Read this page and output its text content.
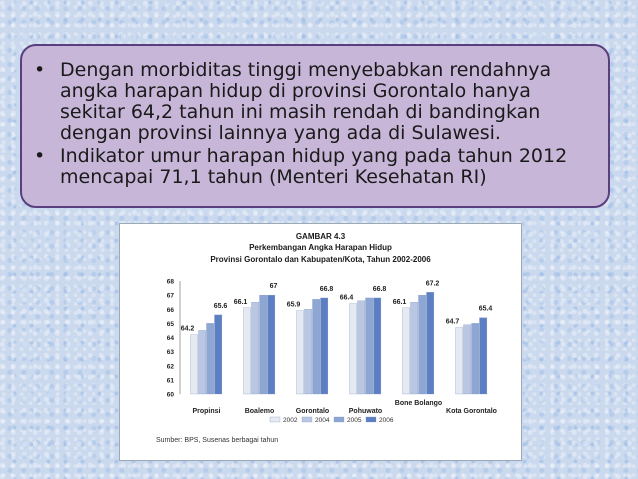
• Dengan morbiditas tinggi menyebabkan rendahnya angka harapan hidup di provinsi Gorontalo hanya sekitar 64,2 tahun ini masih rendah di bandingkan dengan provinsi lainnya yang ada di Sulawesi.
• Indikator umur harapan hidup yang pada tahun 2012 mencapai 71,1 tahun (Menteri Kesehatan RI)
GAMBAR 4.3
Perkembangan Angka Harapan Hidup
Provinsi Gorontalo dan Kabupaten/Kota, Tahun 2002-2006
60
61
62
63
64
65
66
67
68
64.2
65.6
Propinsi
66.1
67
Boalemo
65.9
66.8
Gorontalo
66.4
66.8
Pohuwato
66.1
67.2
Bone Bolango
64.7
65.4
Kota Gorontalo
2002	2004	2005	2006
Sumber: BPS, Susenas berbagai tahun
